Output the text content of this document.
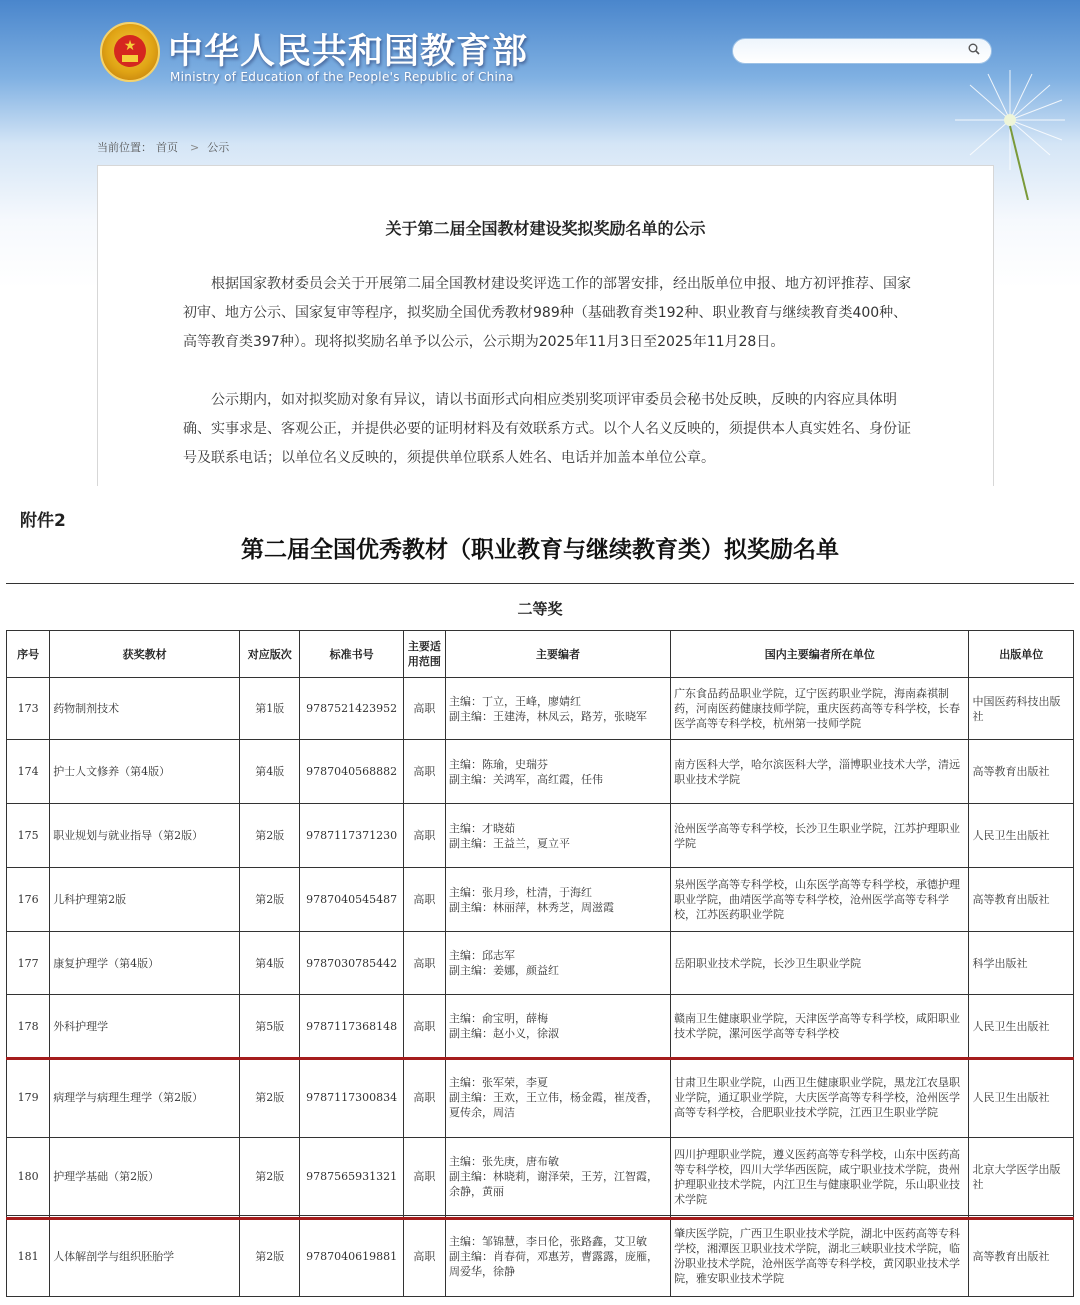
★ 中华人民共和国教育部
Ministry of Education of the People's Republic of China
当前位置： 首页 > 公示
关于第二届全国教材建设奖拟奖励名单的公示
根据国家教材委员会关于开展第二届全国教材建设奖评选工作的部署安排，经出版单位申报、地方初评推荐、国家初审、地方公示、国家复审等程序，拟奖励全国优秀教材989种（基础教育类192种、职业教育与继续教育类400种、高等教育类397种）。现将拟奖励名单予以公示，公示期为2025年11月3日至2025年11月28日。
公示期内，如对拟奖励对象有异议，请以书面形式向相应类别奖项评审委员会秘书处反映，反映的内容应具体明确、实事求是、客观公正，并提供必要的证明材料及有效联系方式。以个人名义反映的，须提供本人真实姓名、身份证号及联系电话；以单位名义反映的，须提供单位联系人姓名、电话并加盖本单位公章。
附件2
第二届全国优秀教材（职业教育与继续教育类）拟奖励名单
二等奖
序号	获奖教材	对应版次	标准书号	主要适用范围	主要编者	国内主要编者所在单位	出版单位
173	药物制剂技术	第1版	9787521423952	高职	主编：丁立，王峰，廖婧红
副主编：王建涛，林凤云，路芳，张晓军	广东食品药品职业学院，辽宁医药职业学院，海南森祺制药，河南医药健康技师学院，重庆医药高等专科学校，长春医学高等专科学校，杭州第一技师学院	中国医药科技出版社
174	护士人文修养（第4版）	第4版	9787040568882	高职	主编：陈瑜，史瑞芬
副主编：关鸿军，高红霞，任伟	南方医科大学，哈尔滨医科大学，淄博职业技术大学，清远职业技术学院	高等教育出版社
175	职业规划与就业指导（第2版）	第2版	9787117371230	高职	主编：才晓茹
副主编：王益兰，夏立平	沧州医学高等专科学校，长沙卫生职业学院，江苏护理职业学院	人民卫生出版社
176	儿科护理第2版	第2版	9787040545487	高职	主编：张月珍，杜清，于海红
副主编：林丽萍，林秀芝，周滋霞	泉州医学高等专科学校，山东医学高等专科学校，承德护理职业学院，曲靖医学高等专科学校，沧州医学高等专科学校，江苏医药职业学院	高等教育出版社
177	康复护理学（第4版）	第4版	9787030785442	高职	主编：邱志军
副主编：姜娜，颜益红	岳阳职业技术学院，长沙卫生职业学院	科学出版社
178	外科护理学	第5版	9787117368148	高职	主编：俞宝明，薛梅
副主编：赵小义，徐淑	赣南卫生健康职业学院，天津医学高等专科学校，咸阳职业技术学院，漯河医学高等专科学校	人民卫生出版社
179	病理学与病理生理学（第2版）	第2版	9787117300834	高职	主编：张军荣，李夏
副主编：王欢，王立伟，杨金霞，崔茂香，夏传余，周洁	甘肃卫生职业学院，山西卫生健康职业学院，黑龙江农垦职业学院，通辽职业学院，大庆医学高等专科学校，沧州医学高等专科学校，合肥职业技术学院，江西卫生职业学院	人民卫生出版社
180	护理学基础（第2版）	第2版	9787565931321	高职	主编：张先庚，唐布敏
副主编：林晓莉，谢泽荣，王芳，江智霞，余静，黄丽	四川护理职业学院，遵义医药高等专科学校，山东中医药高等专科学校，四川大学华西医院，咸宁职业技术学院，贵州护理职业技术学院，内江卫生与健康职业学院，乐山职业技术学院	北京大学医学出版社
181	人体解剖学与组织胚胎学	第2版	9787040619881	高职	主编：邹锦慧，李日伦，张路鑫，艾卫敏
副主编：肖春荷，邓惠芳，曹露露，庞雁，周爱华，徐静	肇庆医学院，广西卫生职业技术学院，湖北中医药高等专科学校，湘潭医卫职业技术学院，湖北三峡职业技术学院，临汾职业技术学院，沧州医学高等专科学校，黄冈职业技术学院，雅安职业技术学院	高等教育出版社
